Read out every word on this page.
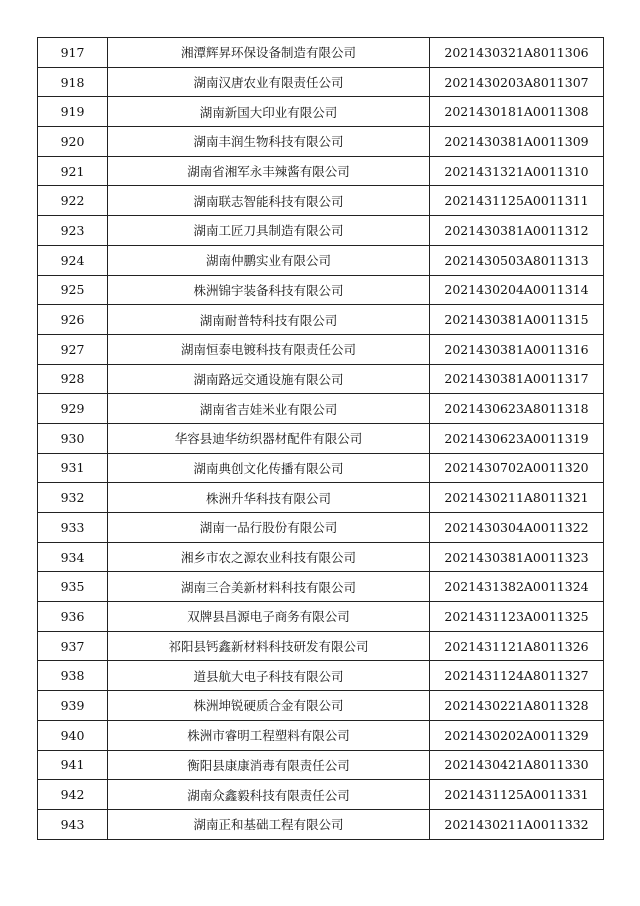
917	湘潭辉昇环保设备制造有限公司	2021430321A8011306
918	湖南汉唐农业有限责任公司	2021430203A8011307
919	湖南新国大印业有限公司	2021430181A0011308
920	湖南丰润生物科技有限公司	2021430381A0011309
921	湖南省湘军永丰辣酱有限公司	2021431321A0011310
922	湖南联志智能科技有限公司	2021431125A0011311
923	湖南工匠刀具制造有限公司	2021430381A0011312
924	湖南仲鹏实业有限公司	2021430503A8011313
925	株洲锦宇装备科技有限公司	2021430204A0011314
926	湖南耐普特科技有限公司	2021430381A0011315
927	湖南恒泰电镀科技有限责任公司	2021430381A0011316
928	湖南路远交通设施有限公司	2021430381A0011317
929	湖南省吉娃米业有限公司	2021430623A8011318
930	华容县迪华纺织器材配件有限公司	2021430623A0011319
931	湖南典创文化传播有限公司	2021430702A0011320
932	株洲升华科技有限公司	2021430211A8011321
933	湖南一品行股份有限公司	2021430304A0011322
934	湘乡市农之源农业科技有限公司	2021430381A0011323
935	湖南三合美新材料科技有限公司	2021431382A0011324
936	双牌县昌源电子商务有限公司	2021431123A0011325
937	祁阳县钙鑫新材料科技研发有限公司	2021431121A8011326
938	道县航大电子科技有限公司	2021431124A8011327
939	株洲坤锐硬质合金有限公司	2021430221A8011328
940	株洲市睿明工程塑料有限公司	2021430202A0011329
941	衡阳县康康消毒有限责任公司	2021430421A8011330
942	湖南众鑫毅科技有限责任公司	2021431125A0011331
943	湖南正和基础工程有限公司	2021430211A0011332
